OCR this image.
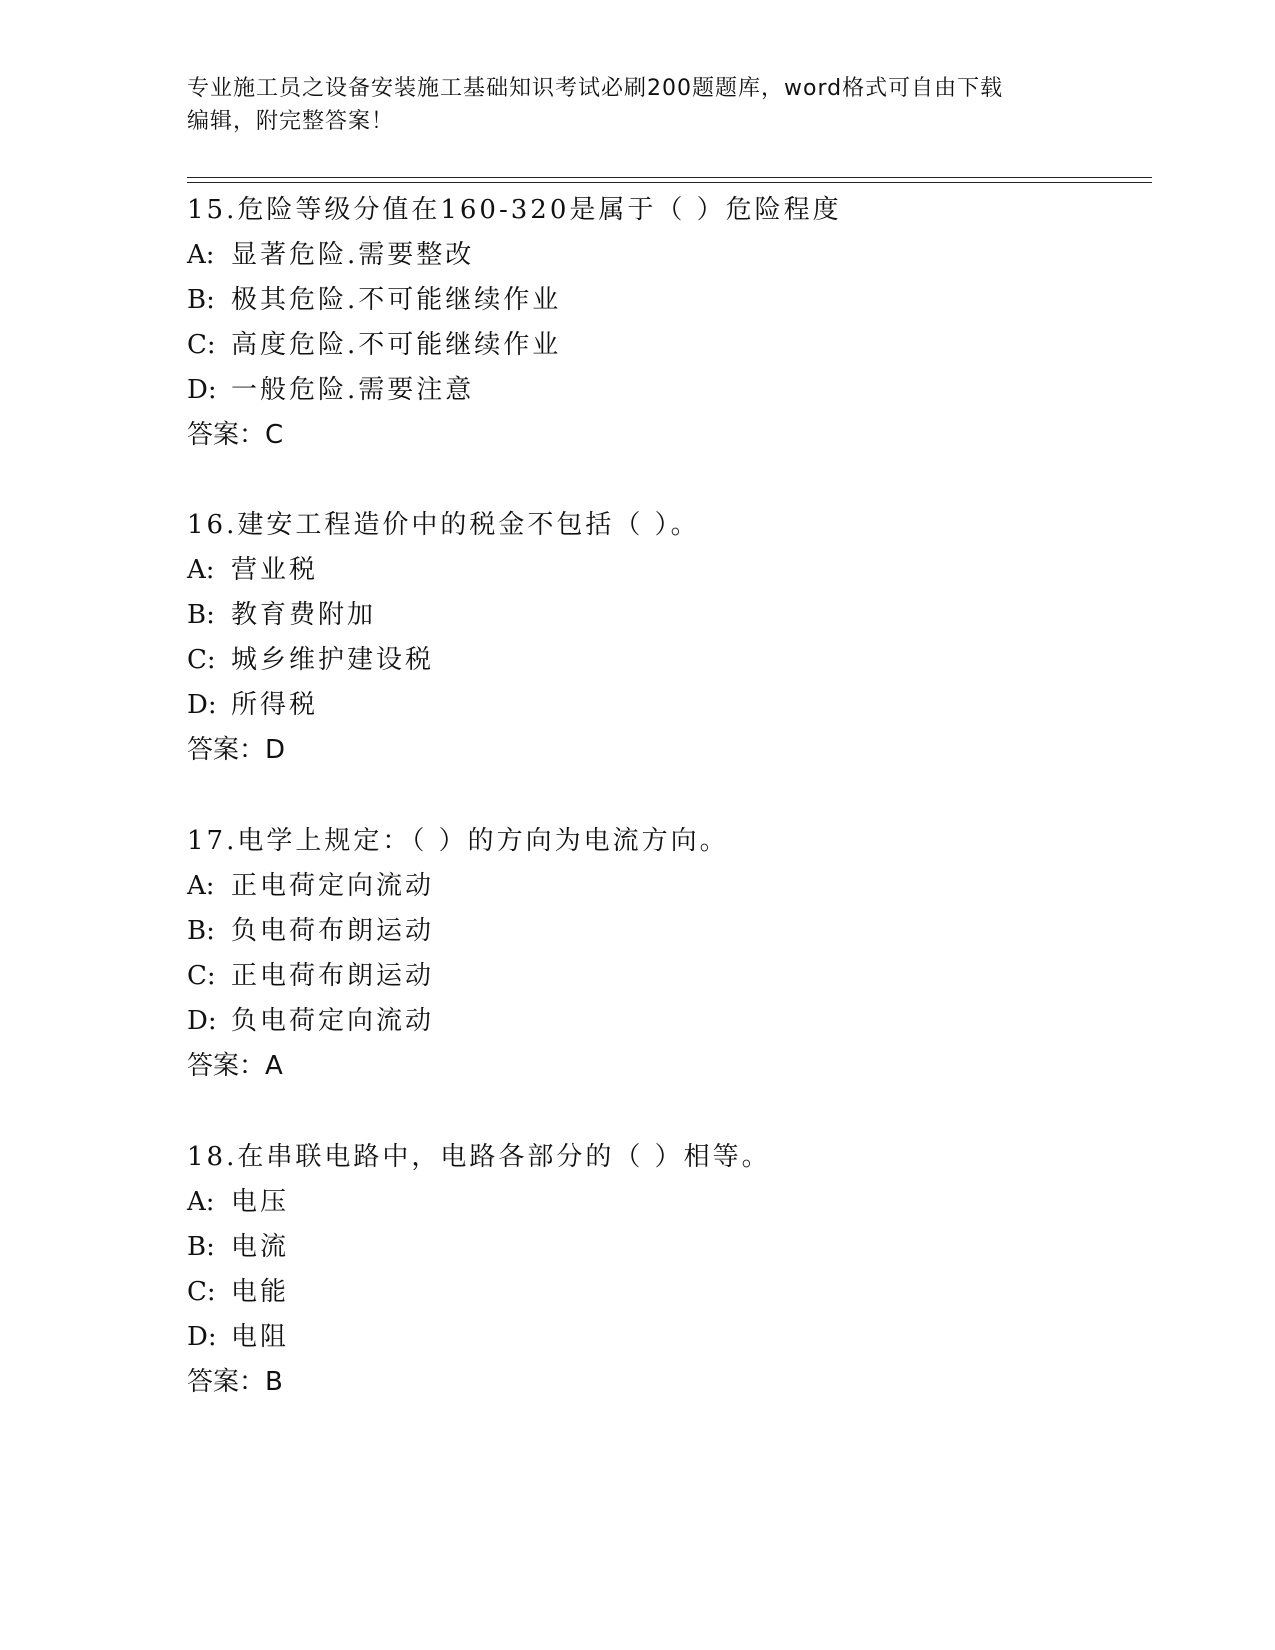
专业施工员之设备安装施工基础知识考试必刷200题题库，word格式可自由下载
编辑，附完整答案！
15.危险等级分值在160-320是属于（ ）危险程度
A: 显著危险.需要整改
B: 极其危险.不可能继续作业
C: 高度危险.不可能继续作业
D: 一般危险.需要注意
答案：C
16.建安工程造价中的税金不包括（ ）。
A: 营业税
B: 教育费附加
C: 城乡维护建设税
D: 所得税
答案：D
17.电学上规定：（ ）的方向为电流方向。
A: 正电荷定向流动
B: 负电荷布朗运动
C: 正电荷布朗运动
D: 负电荷定向流动
答案：A
18.在串联电路中，电路各部分的（ ）相等。
A: 电压
B: 电流
C: 电能
D: 电阻
答案：B
